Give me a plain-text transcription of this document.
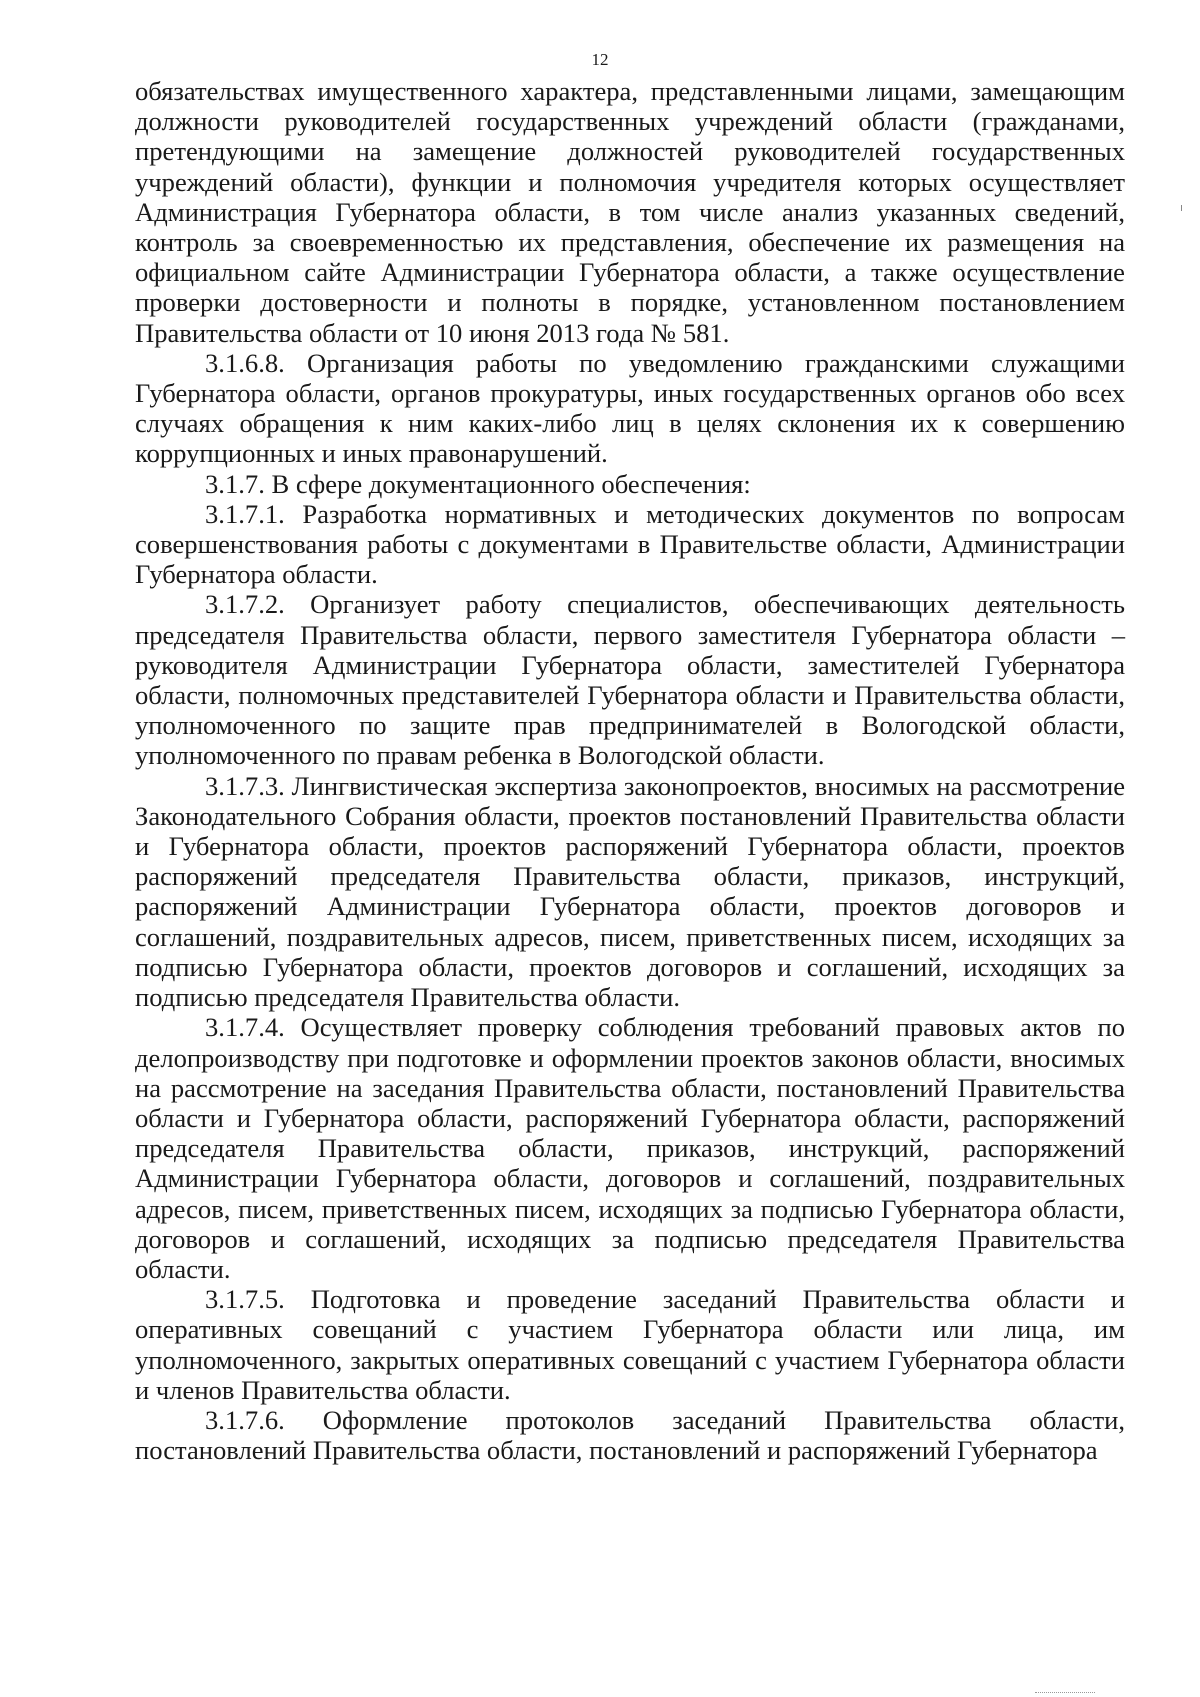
12

обязательствах имущественного характера, представленными лицами, замещающим должности руководителей государственных учреждений области (гражданами, претендующими на замещение должностей руководителей государственных учреждений области), функции и полномочия учредителя которых осуществляет Администрация Губернатора области, в том числе анализ указанных сведений, контроль за своевременностью их представления, обеспечение их размещения на официальном сайте Администрации Губернатора области, а также осуществление проверки достоверности и полноты в порядке, установленном постановлением Правительства области от 10 июня 2013 года № 581.

3.1.6.8. Организация работы по уведомлению гражданскими служащими Губернатора области, органов прокуратуры, иных государственных органов обо всех случаях обращения к ним каких-либо лиц в целях склонения их к совершению коррупционных и иных правонарушений.

3.1.7. В сфере документационного обеспечения:

3.1.7.1. Разработка нормативных и методических документов по вопросам совершенствования работы с документами в Правительстве области, Администрации Губернатора области.

3.1.7.2. Организует работу специалистов, обеспечивающих деятельность председателя Правительства области, первого заместителя Губернатора области – руководителя Администрации Губернатора области, заместителей Губернатора области, полномочных представителей Губернатора области и Правительства области, уполномоченного по защите прав предпринимателей в Вологодской области, уполномоченного по правам ребенка в Вологодской области.

3.1.7.3. Лингвистическая экспертиза законопроектов, вносимых на рассмотрение Законодательного Собрания области, проектов постановлений Правительства области и Губернатора области, проектов распоряжений Губернатора области, проектов распоряжений председателя Правительства области, приказов, инструкций, распоряжений Администрации Губернатора области, проектов договоров и соглашений, поздравительных адресов, писем, приветственных писем, исходящих за подписью Губернатора области, проектов договоров и соглашений, исходящих за подписью председателя Правительства области.

3.1.7.4. Осуществляет проверку соблюдения требований правовых актов по делопроизводству при подготовке и оформлении проектов законов области, вносимых на рассмотрение на заседания Правительства области, постановлений Правительства области и Губернатора области, распоряжений Губернатора области, распоряжений председателя Правительства области, приказов, инструкций, распоряжений Администрации Губернатора области, договоров и соглашений, поздравительных адресов, писем, приветственных писем, исходящих за подписью Губернатора области, договоров и соглашений, исходящих за подписью председателя Правительства области.

3.1.7.5. Подготовка и проведение заседаний Правительства области и оперативных совещаний с участием Губернатора области или лица, им уполномоченного, закрытых оперативных совещаний с участием Губернатора области и членов Правительства области.

3.1.7.6. Оформление протоколов заседаний Правительства области, постановлений Правительства области, постановлений и распоряжений Губернатора
